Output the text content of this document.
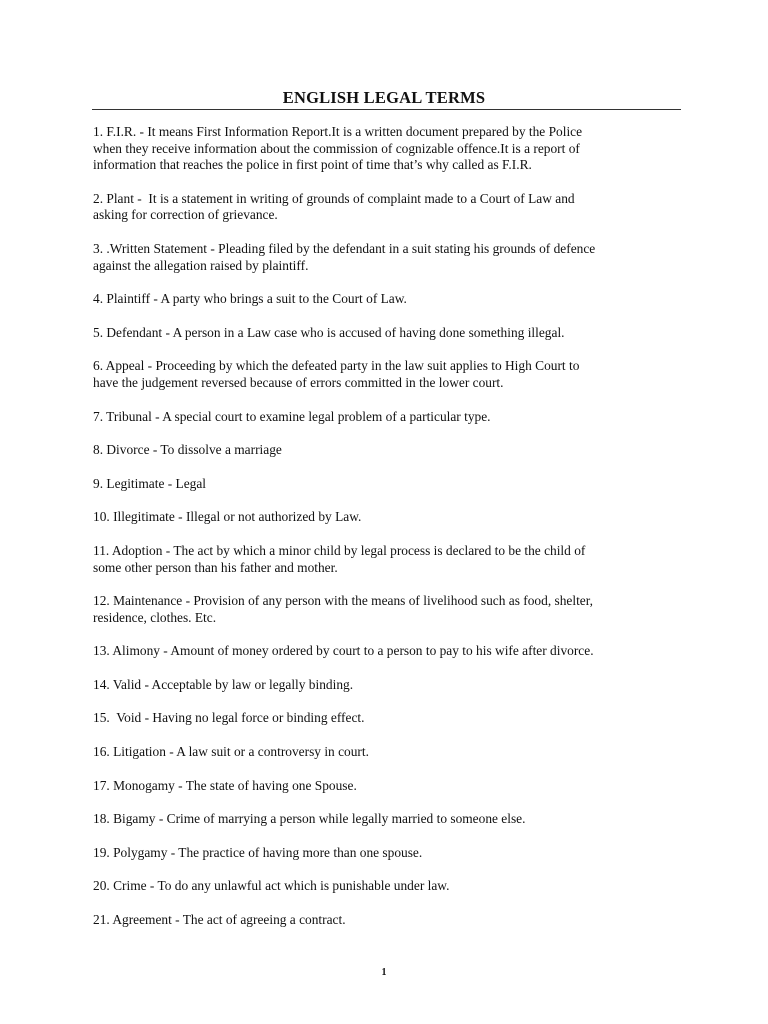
ENGLISH LEGAL TERMS
1. F.I.R. - It means First Information Report.It is a written document prepared by the Police
when they receive information about the commission of cognizable offence.It is a report of
information that reaches the police in first point of time that’s why called as F.I.R.
2. Plant -  It is a statement in writing of grounds of complaint made to a Court of Law and
asking for correction of grievance.
3. .Written Statement - Pleading filed by the defendant in a suit stating his grounds of defence
against the allegation raised by plaintiff.
4. Plaintiff - A party who brings a suit to the Court of Law.
5. Defendant - A person in a Law case who is accused of having done something illegal.
6. Appeal - Proceeding by which the defeated party in the law suit applies to High Court to
have the judgement reversed because of errors committed in the lower court.
7. Tribunal - A special court to examine legal problem of a particular type.
8. Divorce - To dissolve a marriage
9. Legitimate - Legal
10. Illegitimate - Illegal or not authorized by Law.
11. Adoption - The act by which a minor child by legal process is declared to be the child of
some other person than his father and mother.
12. Maintenance - Provision of any person with the means of livelihood such as food, shelter,
residence, clothes. Etc.
13. Alimony - Amount of money ordered by court to a person to pay to his wife after divorce.
14. Valid - Acceptable by law or legally binding.
15.  Void - Having no legal force or binding effect.
16. Litigation - A law suit or a controversy in court.
17. Monogamy - The state of having one Spouse.
18. Bigamy - Crime of marrying a person while legally married to someone else.
19. Polygamy - The practice of having more than one spouse.
20. Crime - To do any unlawful act which is punishable under law.
21. Agreement - The act of agreeing a contract.
1
